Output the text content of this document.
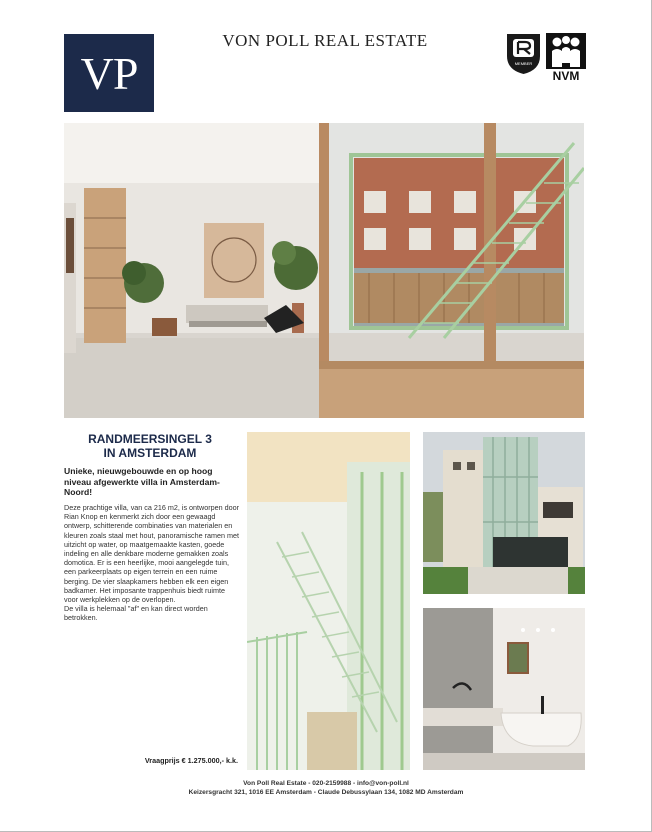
VP
VON POLL REAL ESTATE
MEMBER
NVM
RANDMEERSINGEL 3
IN AMSTERDAM
Unieke, nieuwgebouwde en op hoog niveau afgewerkte villa in Amsterdam-Noord!
Deze prachtige villa, van ca 216 m2, is ontworpen door Rian Knop en kenmerkt zich door een gewaagd ontwerp, schitterende combinaties van materialen en kleuren zoals staal met hout, panoramische ramen met uitzicht op water, op maatgemaakte kasten, goede indeling en alle denkbare moderne gemakken zoals domotica. Er is een heerlijke, mooi aangelegde tuin, een parkeerplaats op eigen terrein en een ruime berging. De vier slaapkamers hebben elk een eigen badkamer. Het imposante trappenhuis biedt ruimte voor werkplekken op de overlopen.
De villa is helemaal "af" en kan direct worden betrokken.
Vraagprijs € 1.275.000,- k.k.
Von Poll Real Estate - 020-2159988 - info@von-poll.nl
Keizersgracht 321, 1016 EE Amsterdam - Claude Debussylaan 134, 1082 MD Amsterdam
